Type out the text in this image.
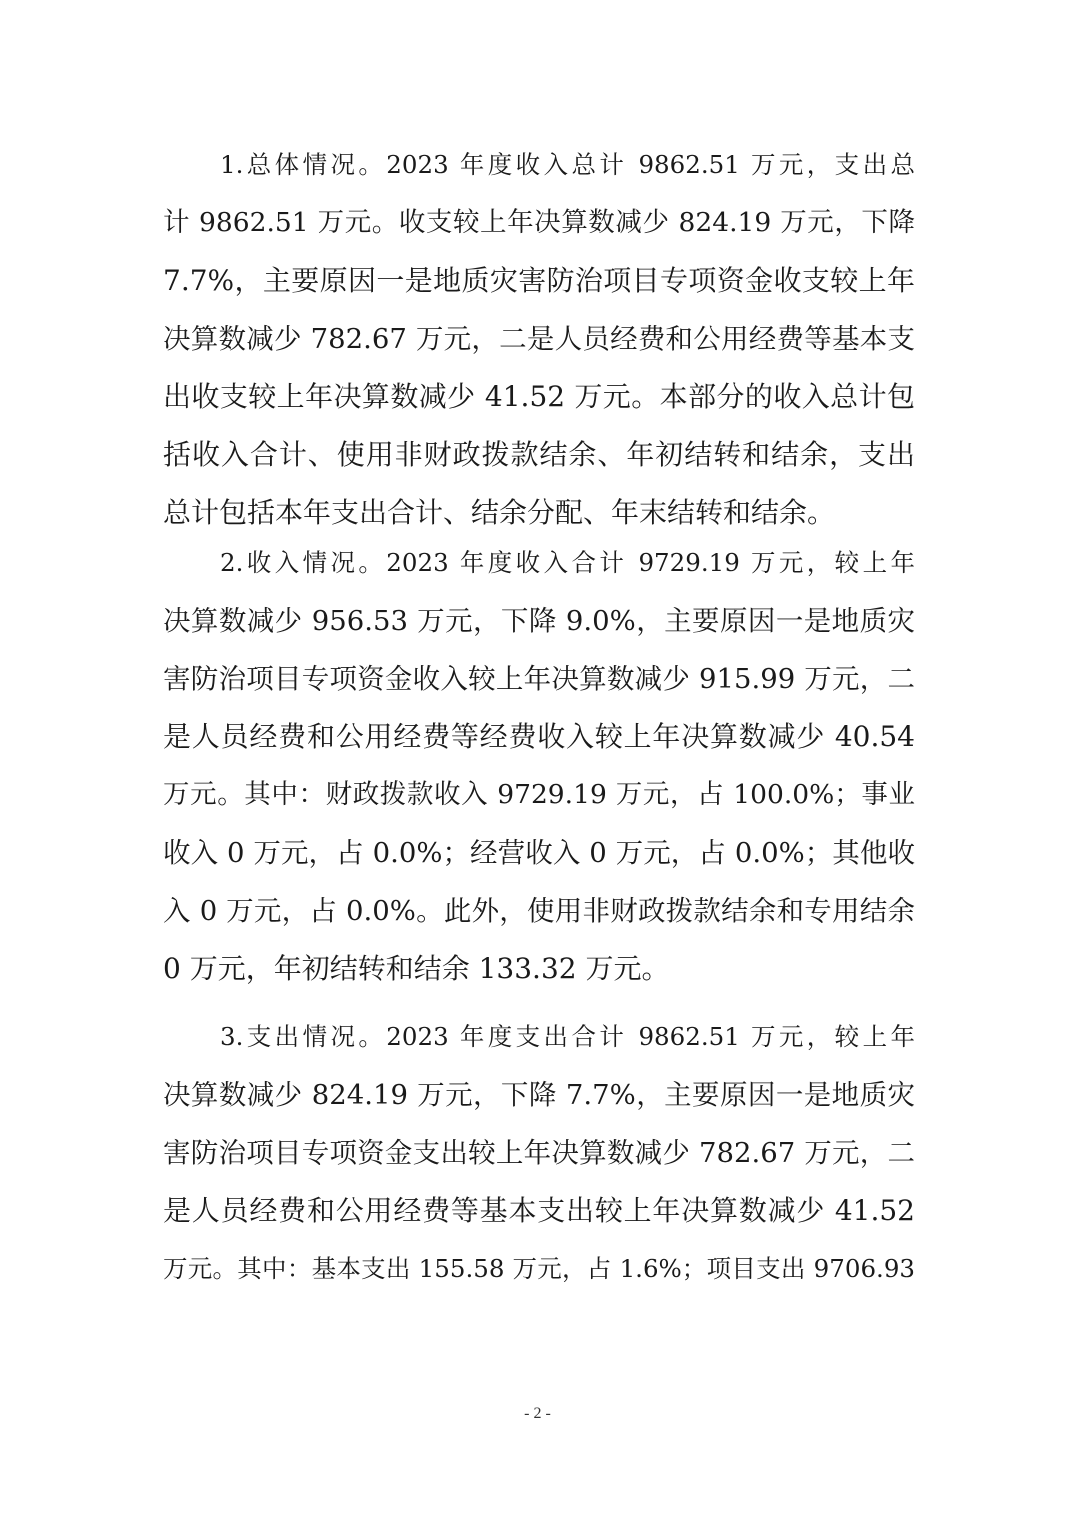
1.总体情况。2023 年度收入总计 9862.51 万元，支出总
计 9862.51 万元。收支较上年决算数减少 824.19 万元，下降
7.7%，主要原因一是地质灾害防治项目专项资金收支较上年
决算数减少 782.67 万元，二是人员经费和公用经费等基本支
出收支较上年决算数减少 41.52 万元。本部分的收入总计包
括收入合计、使用非财政拨款结余、年初结转和结余，支出
总计包括本年支出合计、结余分配、年末结转和结余。
2.收入情况。2023 年度收入合计 9729.19 万元，较上年
决算数减少 956.53 万元，下降 9.0%，主要原因一是地质灾
害防治项目专项资金收入较上年决算数减少 915.99 万元，二
是人员经费和公用经费等经费收入较上年决算数减少 40.54
万元。其中：财政拨款收入 9729.19 万元，占 100.0%；事业
收入 0 万元，占 0.0%；经营收入 0 万元，占 0.0%；其他收
入 0 万元，占 0.0%。此外，使用非财政拨款结余和专用结余
0 万元，年初结转和结余 133.32 万元。
3.支出情况。2023 年度支出合计 9862.51 万元，较上年
决算数减少 824.19 万元，下降 7.7%，主要原因一是地质灾
害防治项目专项资金支出较上年决算数减少 782.67 万元，二
是人员经费和公用经费等基本支出较上年决算数减少 41.52
万元。其中：基本支出 155.58 万元，占 1.6%；项目支出 9706.93
- 2 -
